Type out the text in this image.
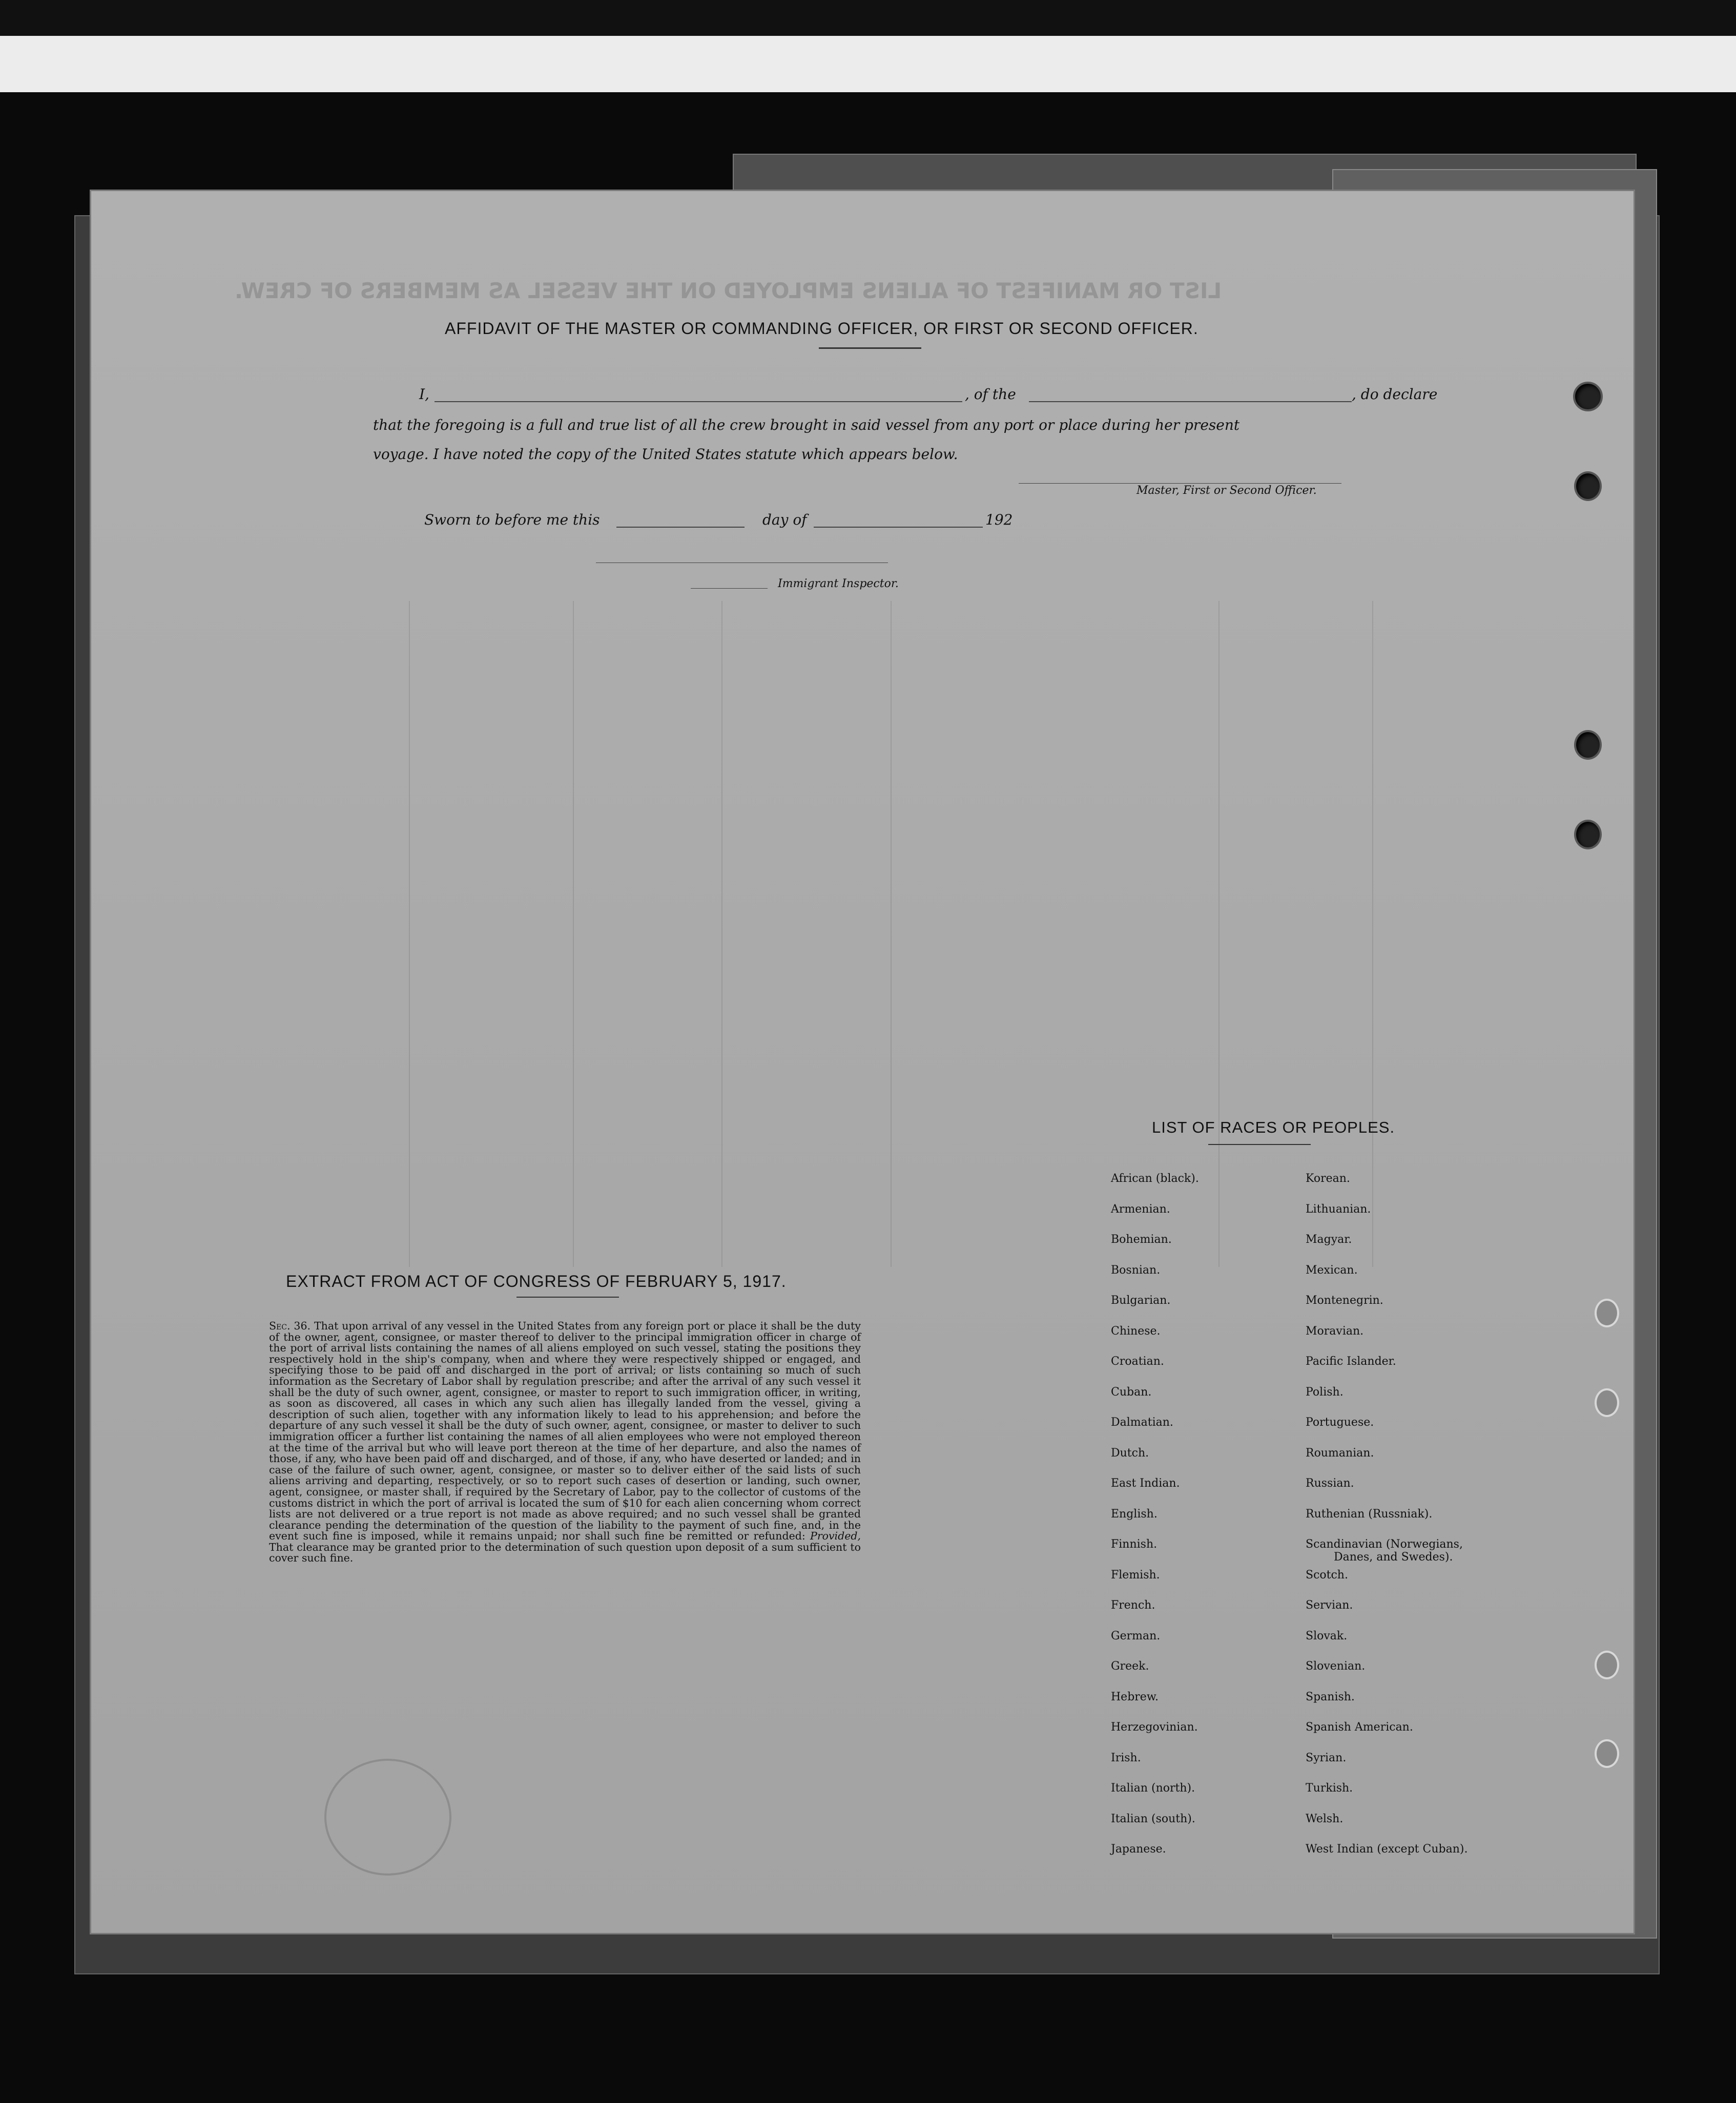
LIST OR MANIFEST OF ALIENS EMPLOYED ON THE VESSEL AS MEMBERS OF CREW.
AFFIDAVIT OF THE MASTER OR COMMANDING OFFICER, OR FIRST OR SECOND OFFICER.
I,	, of the	, do declare
that the foregoing is a full and true list of all the crew brought in said vessel from any port or place during her present
voyage. I have noted the copy of the United States statute which appears below.
Master, First or Second Officer.
Sworn to before me this	day of	192
Immigrant Inspector.
LIST OF RACES OR PEOPLES.
African (black).
Armenian.
Bohemian.
Bosnian.
Bulgarian.
Chinese.
Croatian.
Cuban.
Dalmatian.
Dutch.
East Indian.
English.
Finnish.
Flemish.
French.
German.
Greek.
Hebrew.
Herzegovinian.
Irish.
Italian (north).
Italian (south).
Japanese.
Korean.
Lithuanian.
Magyar.
Mexican.
Montenegrin.
Moravian.
Pacific Islander.
Polish.
Portuguese.
Roumanian.
Russian.
Ruthenian (Russniak).
Scandinavian (Norwegians,
Danes, and Swedes).
Scotch.
Servian.
Slovak.
Slovenian.
Spanish.
Spanish American.
Syrian.
Turkish.
Welsh.
West Indian (except Cuban).
EXTRACT FROM ACT OF CONGRESS OF FEBRUARY 5, 1917.
Sec. 36. That upon arrival of any vessel in the United States from any foreign port or place it shall be the duty of the owner, agent, consignee, or master thereof to deliver to the principal immigration officer in charge of the port of arrival lists containing the names of all aliens employed on such vessel, stating the positions they respectively hold in the ship's company, when and where they were respectively shipped or engaged, and specifying those to be paid off and discharged in the port of arrival; or lists containing so much of such information as the Secretary of Labor shall by regulation prescribe; and after the arrival of any such vessel it shall be the duty of such owner, agent, consignee, or master to report to such immigration officer, in writing, as soon as discovered, all cases in which any such alien has illegally landed from the vessel, giving a description of such alien, together with any information likely to lead to his apprehension; and before the departure of any such vessel it shall be the duty of such owner, agent, consignee, or master to deliver to such immigration officer a further list containing the names of all alien employees who were not employed thereon at the time of the arrival but who will leave port thereon at the time of her departure, and also the names of those, if any, who have been paid off and discharged, and of those, if any, who have deserted or landed; and in case of the failure of such owner, agent, consignee, or master so to deliver either of the said lists of such aliens arriving and departing, respectively, or so to report such cases of desertion or landing, such owner, agent, consignee, or master shall, if required by the Secretary of Labor, pay to the collector of customs of the customs district in which the port of arrival is located the sum of $10 for each alien concerning whom correct lists are not delivered or a true report is not made as above required; and no such vessel shall be granted clearance pending the determination of the question of the liability to the payment of such fine, and, in the event such fine is imposed, while it remains unpaid; nor shall such fine be remitted or refunded: Provided, That clearance may be granted prior to the determination of such question upon deposit of a sum sufficient to cover such fine.
